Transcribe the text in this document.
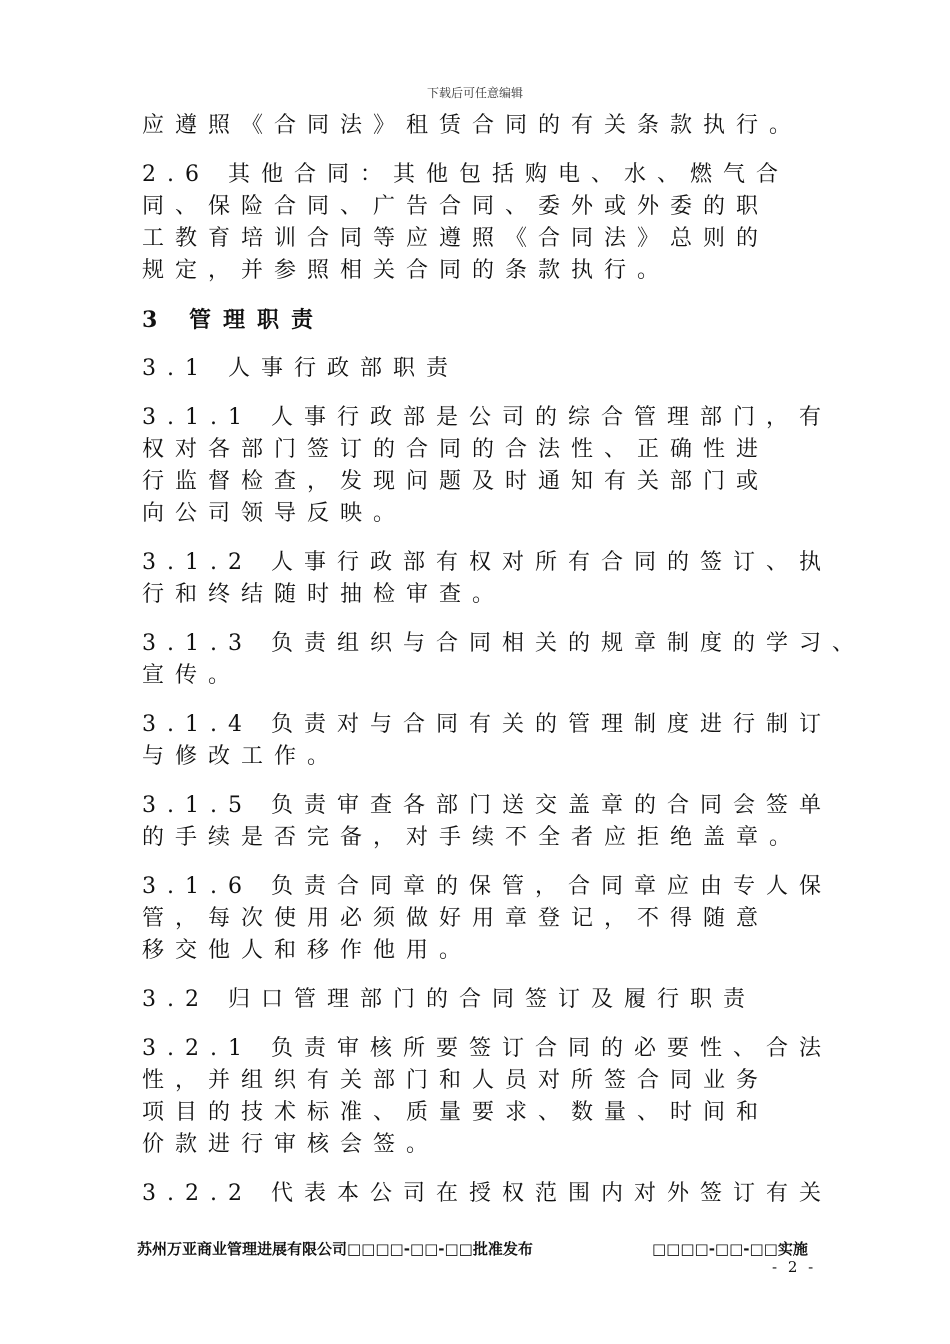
下载后可任意编辑

应遵照《合同法》租赁合同的有关条款执行。

2.6 其他合同：其他包括购电、水、燃气合
同、保险合同、广告合同、委外或外委的职
工教育培训合同等应遵照《合同法》总则的
规定，并参照相关合同的条款执行。

3 管理职责

3.1 人事行政部职责

3.1.1 人事行政部是公司的综合管理部门，有
权对各部门签订的合同的合法性、正确性进
行监督检查，发现问题及时通知有关部门或
向公司领导反映。

3.1.2 人事行政部有权对所有合同的签订、执
行和终结随时抽检审查。

3.1.3 负责组织与合同相关的规章制度的学习、
宣传。

3.1.4 负责对与合同有关的管理制度进行制订
与修改工作。

3.1.5 负责审查各部门送交盖章的合同会签单
的手续是否完备，对手续不全者应拒绝盖章。

3.1.6 负责合同章的保管，合同章应由专人保
管，每次使用必须做好用章登记，不得随意
移交他人和移作他用。

3.2 归口管理部门的合同签订及履行职责

3.2.1 负责审核所要签订合同的必要性、合法
性，并组织有关部门和人员对所签合同业务
项目的技术标准、质量要求、数量、时间和
价款进行审核会签。

3.2.2 代表本公司在授权范围内对外签订有关

苏州万亚商业管理进展有限公司□□□□-□□-□□批准发布	□□□□-□□-□□实施
- 2 -
